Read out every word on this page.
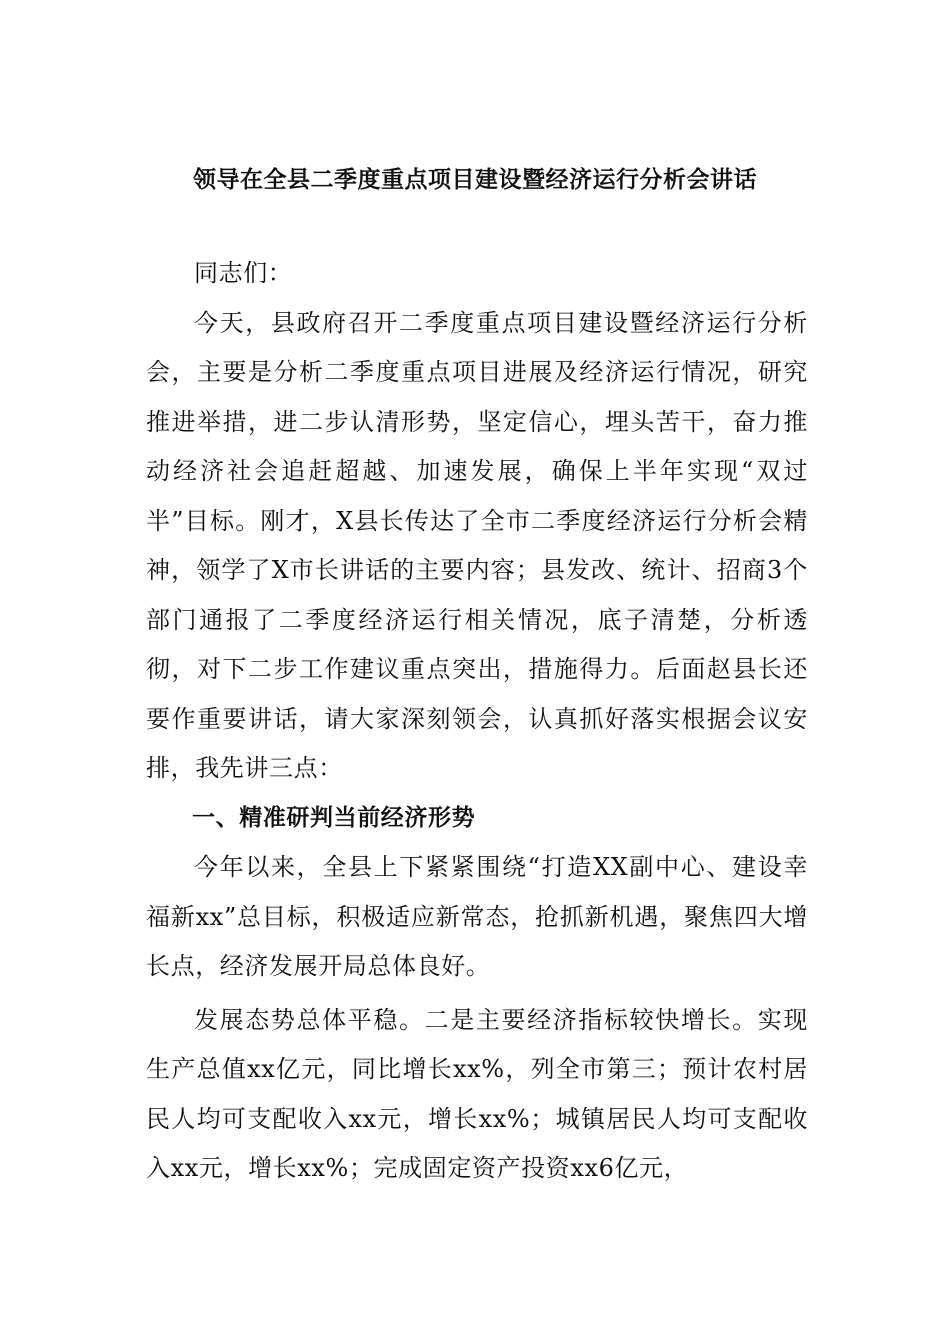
领导在全县二季度重点项目建设暨经济运行分析会讲话

同志们：

今天，县政府召开二季度重点项目建设暨经济运行分析会，主要是分析二季度重点项目进展及经济运行情况，研究推进举措，进二步认清形势，坚定信心，埋头苦干，奋力推动经济社会追赶超越、加速发展，确保上半年实现“双过半”目标。刚才，X县长传达了全市二季度经济运行分析会精神，领学了X市长讲话的主要内容；县发改、统计、招商3个部门通报了二季度经济运行相关情况，底子清楚，分析透彻，对下二步工作建议重点突出，措施得力。后面赵县长还要作重要讲话，请大家深刻领会，认真抓好落实根据会议安排，我先讲三点：

一、精准研判当前经济形势

今年以来，全县上下紧紧围绕“打造XX副中心、建设幸福新xx”总目标，积极适应新常态，抢抓新机遇，聚焦四大增长点，经济发展开局总体良好。

发展态势总体平稳。二是主要经济指标较快增长。实现生产总值xx亿元，同比增长xx%，列全市第三；预计农村居民人均可支配收入xx元，增长xx%；城镇居民人均可支配收入xx元，增长xx%；完成固定资产投资xx6亿元，
